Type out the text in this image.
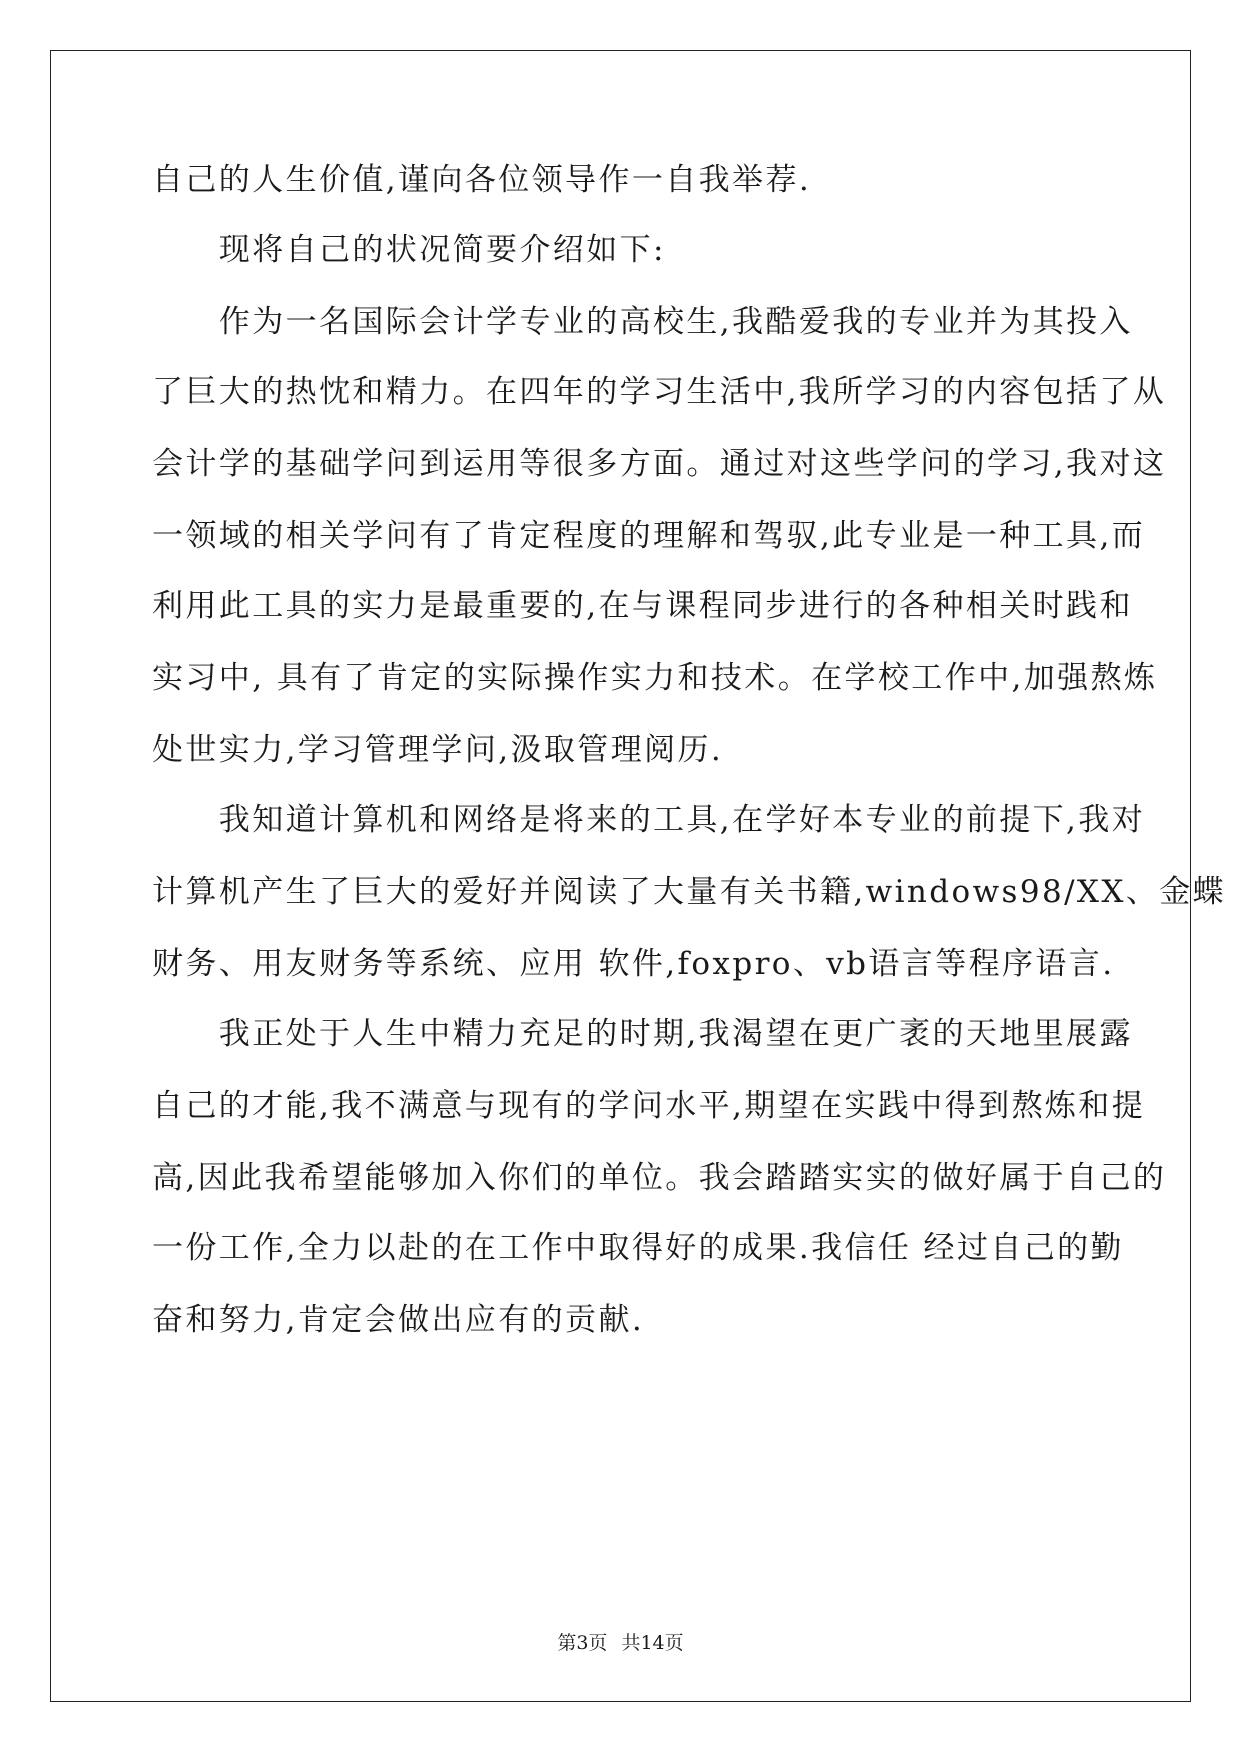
自己的人生价值,谨向各位领导作一自我举荐.
　　现将自己的状况简要介绍如下:
　　作为一名国际会计学专业的高校生,我酷爱我的专业并为其投入
了巨大的热忱和精力。在四年的学习生活中,我所学习的内容包括了从
会计学的基础学问到运用等很多方面。通过对这些学问的学习,我对这
一领域的相关学问有了肯定程度的理解和驾驭,此专业是一种工具,而
利用此工具的实力是最重要的,在与课程同步进行的各种相关时践和
实习中, 具有了肯定的实际操作实力和技术。在学校工作中,加强熬炼
处世实力,学习管理学问,汲取管理阅历.
　　我知道计算机和网络是将来的工具,在学好本专业的前提下,我对
计算机产生了巨大的爱好并阅读了大量有关书籍,windows98/XX、金蝶
财务、用友财务等系统、应用 软件,foxpro、vb语言等程序语言.
　　我正处于人生中精力充足的时期,我渴望在更广袤的天地里展露
自己的才能,我不满意与现有的学问水平,期望在实践中得到熬炼和提
高,因此我希望能够加入你们的单位。我会踏踏实实的做好属于自己的
一份工作,全力以赴的在工作中取得好的成果.我信任 经过自己的勤
奋和努力,肯定会做出应有的贡献.
第3页 共14页
